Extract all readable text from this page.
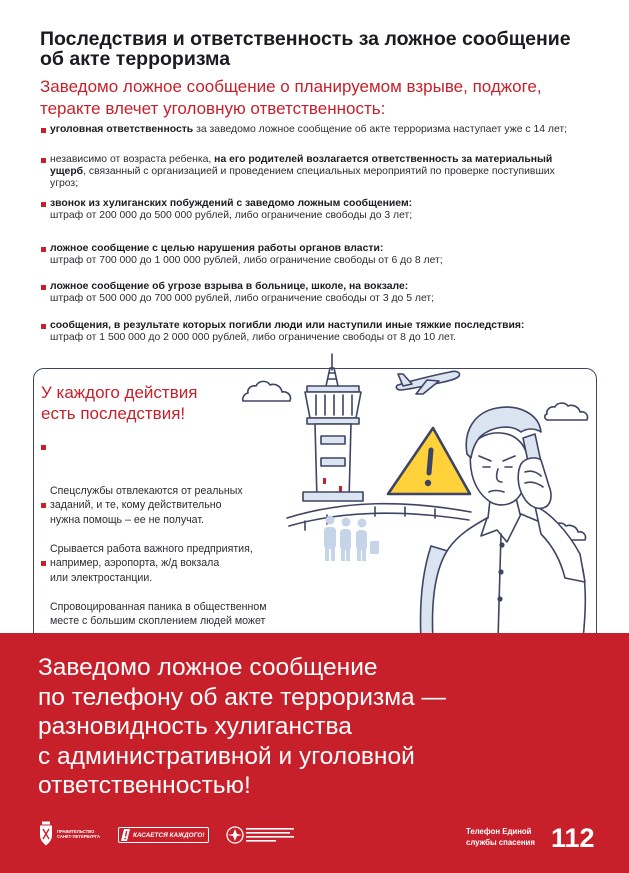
Последствия и ответственность за ложное сообщение
об акте терроризма
Заведомо ложное сообщение о планируемом взрыве, поджоге,
теракте влечет уголовную ответственность:
уголовная ответственность за заведомо ложное сообщение об акте терроризма наступает уже с 14 лет;
независимо от возраста ребенка, на его родителей возлагается ответственность за материальный
ущерб, связанный с организацией и проведением специальных мероприятий по проверке поступивших
угроз;
звонок из хулиганских побуждений с заведомо ложным сообщением:
штраф от 200 000 до 500 000 рублей, либо ограничение свободы до 3 лет;
ложное сообщение с целью нарушения работы органов власти:
штраф от 700 000 до 1 000 000 рублей, либо ограничение свободы от 6 до 8 лет;
ложное сообщение об угрозе взрыва в больнице, школе, на вокзале:
штраф от 500 000 до 700 000 рублей, либо ограничение свободы от 3 до 5 лет;
сообщения, в результате которых погибли люди или наступили иные тяжкие последствия:
штраф от 1 500 000 до 2 000 000 рублей, либо ограничение свободы от 8 до 10 лет.
У каждого действия
есть последствия!

Спецслужбы отвлекаются от реальных
заданий, и те, кому действительно
нужна помощь – ее не получат.

Срывается работа важного предприятия,
например, аэропорта, ж/д вокзала
или электростанции.

Спровоцированная паника в общественном
месте с большим скоплением людей может

Заведомо ложное сообщение
по телефону об акте терроризма —
разновидность хулиганства
с административной и уголовной
ответственностью!
ПРАВИТЕЛЬСТВО
САНКТ-ПЕТЕРБУРГА	КАСАЕТСЯ КАЖДОГО!	Телефон Единой
службы спасения 112
